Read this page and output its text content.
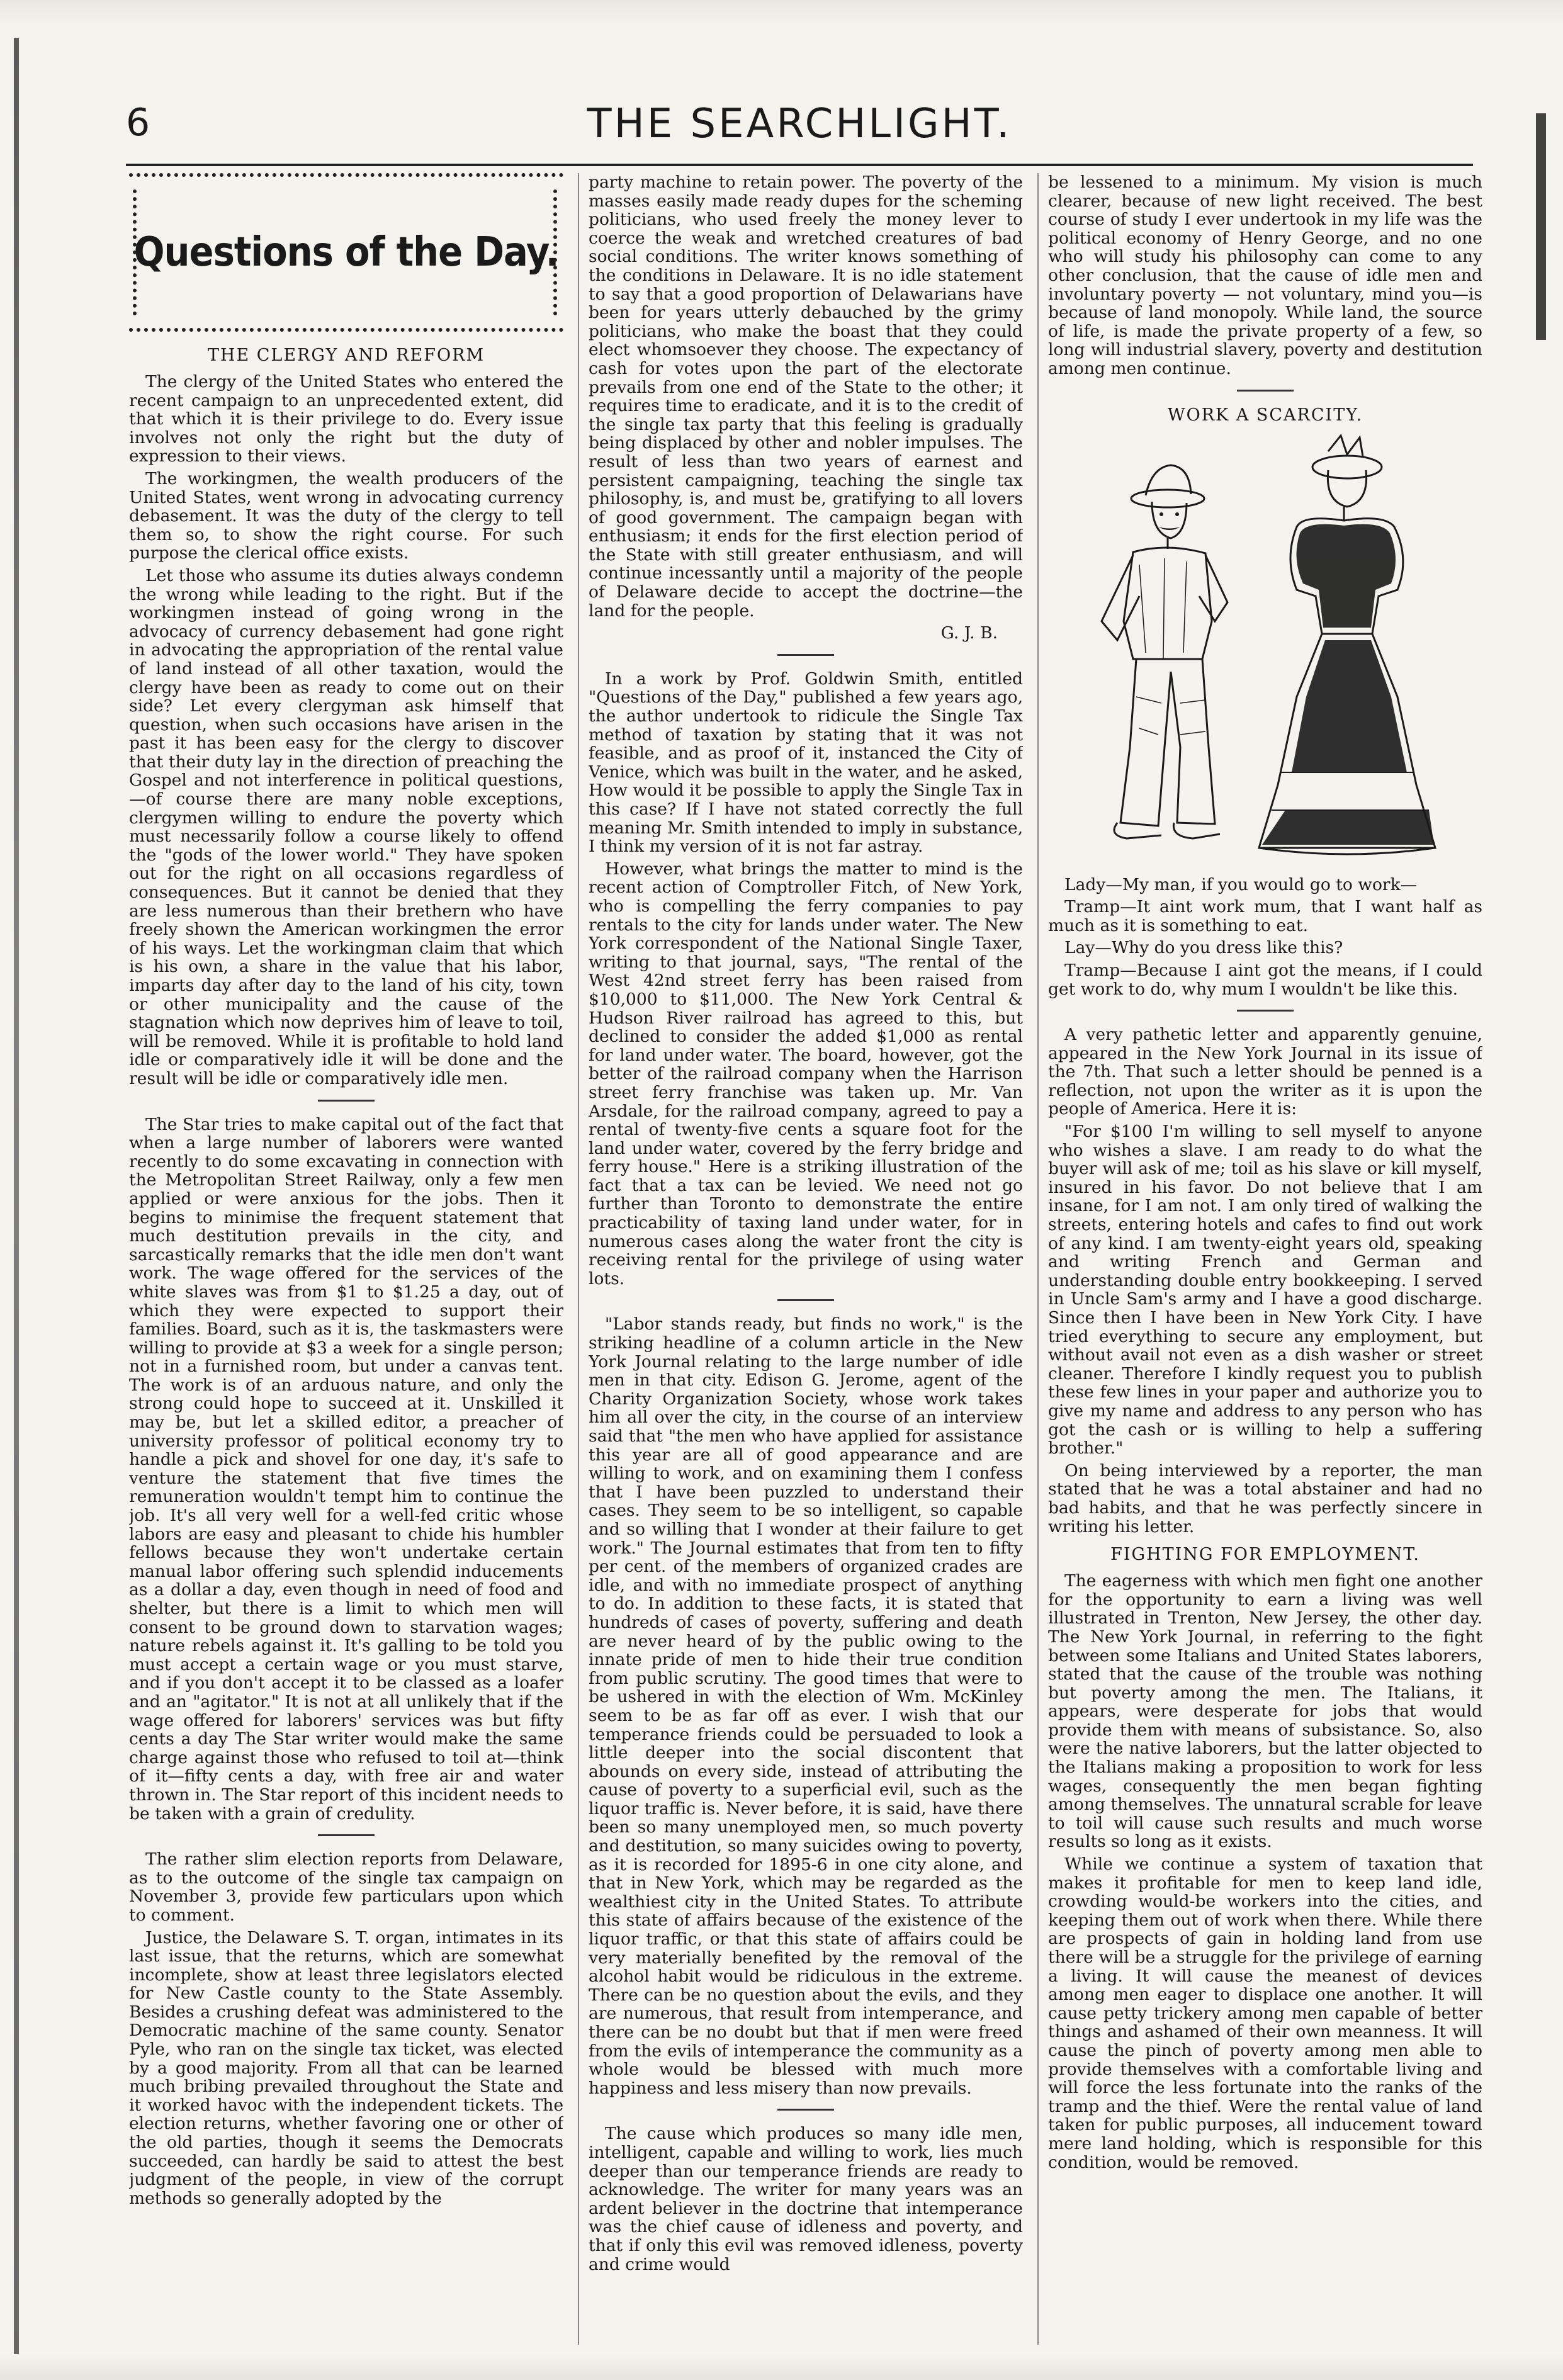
6	THE SEARCHLIGHT.
Questions of the Day.
THE CLERGY AND REFORM

The clergy of the United States who entered the recent campaign to an unprecedented extent, did that which it is their privilege to do. Every issue involves not only the right but the duty of expression to their views.

The workingmen, the wealth producers of the United States, went wrong in advocating currency debasement. It was the duty of the clergy to tell them so, to show the right course. For such purpose the clerical office exists.

Let those who assume its duties always condemn the wrong while leading to the right. But if the workingmen instead of going wrong in the advocacy of currency debasement had gone right in advocating the appropriation of the rental value of land instead of all other taxation, would the clergy have been as ready to come out on their side? Let every clergyman ask himself that question, when such occasions have arisen in the past it has been easy for the clergy to discover that their duty lay in the direction of preaching the Gospel and not interference in political questions,—of course there are many noble exceptions, clergymen willing to endure the poverty which must necessarily follow a course likely to offend the "gods of the lower world." They have spoken out for the right on all occasions regardless of consequences. But it cannot be denied that they are less numerous than their brethern who have freely shown the American workingmen the error of his ways. Let the workingman claim that which is his own, a share in the value that his labor, imparts day after day to the land of his city, town or other municipality and the cause of the stagnation which now deprives him of leave to toil, will be removed. While it is profitable to hold land idle or comparatively idle it will be done and the result will be idle or comparatively idle men.

The Star tries to make capital out of the fact that when a large number of laborers were wanted recently to do some excavating in connection with the Metropolitan Street Railway, only a few men applied or were anxious for the jobs. Then it begins to minimise the frequent statement that much destitution prevails in the city, and sarcastically remarks that the idle men don't want work. The wage offered for the services of the white slaves was from $1 to $1.25 a day, out of which they were expected to support their families. Board, such as it is, the taskmasters were willing to provide at $3 a week for a single person; not in a furnished room, but under a canvas tent. The work is of an arduous nature, and only the strong could hope to succeed at it. Unskilled it may be, but let a skilled editor, a preacher of university professor of political economy try to handle a pick and shovel for one day, it's safe to venture the statement that five times the remuneration wouldn't tempt him to continue the job. It's all very well for a well-fed critic whose labors are easy and pleasant to chide his humbler fellows because they won't undertake certain manual labor offering such splendid inducements as a dollar a day, even though in need of food and shelter, but there is a limit to which men will consent to be ground down to starvation wages; nature rebels against it. It's galling to be told you must accept a certain wage or you must starve, and if you don't accept it to be classed as a loafer and an "agitator." It is not at all unlikely that if the wage offered for laborers' services was but fifty cents a day The Star writer would make the same charge against those who refused to toil at—think of it—fifty cents a day, with free air and water thrown in. The Star report of this incident needs to be taken with a grain of credulity.

The rather slim election reports from Delaware, as to the outcome of the single tax campaign on November 3, provide few particulars upon which to comment.

Justice, the Delaware S. T. organ, intimates in its last issue, that the returns, which are somewhat incomplete, show at least three legislators elected for New Castle county to the State Assembly. Besides a crushing defeat was administered to the Democratic machine of the same county. Senator Pyle, who ran on the single tax ticket, was elected by a good majority. From all that can be learned much bribing prevailed throughout the State and it worked havoc with the independent tickets. The election returns, whether favoring one or other of the old parties, though it seems the Democrats succeeded, can hardly be said to attest the best judgment of the people, in view of the corrupt methods so generally adopted by the

party machine to retain power. The poverty of the masses easily made ready dupes for the scheming politicians, who used freely the money lever to coerce the weak and wretched creatures of bad social conditions. The writer knows something of the conditions in Delaware. It is no idle statement to say that a good proportion of Delawarians have been for years utterly debauched by the grimy politicians, who make the boast that they could elect whomsoever they choose. The expectancy of cash for votes upon the part of the electorate prevails from one end of the State to the other; it requires time to eradicate, and it is to the credit of the single tax party that this feeling is gradually being displaced by other and nobler impulses. The result of less than two years of earnest and persistent campaigning, teaching the single tax philosophy, is, and must be, gratifying to all lovers of good government. The campaign began with enthusiasm; it ends for the first election period of the State with still greater enthusiasm, and will continue incessantly until a majority of the people of Delaware decide to accept the doctrine—the land for the people.

G. J. B.

In a work by Prof. Goldwin Smith, entitled "Questions of the Day," published a few years ago, the author undertook to ridicule the Single Tax method of taxation by stating that it was not feasible, and as proof of it, instanced the City of Venice, which was built in the water, and he asked, How would it be possible to apply the Single Tax in this case? If I have not stated correctly the full meaning Mr. Smith intended to imply in substance, I think my version of it is not far astray.

However, what brings the matter to mind is the recent action of Comptroller Fitch, of New York, who is compelling the ferry companies to pay rentals to the city for lands under water. The New York correspondent of the National Single Taxer, writing to that journal, says, "The rental of the West 42nd street ferry has been raised from $10,000 to $11,000. The New York Central & Hudson River railroad has agreed to this, but declined to consider the added $1,000 as rental for land under water. The board, however, got the better of the railroad company when the Harrison street ferry franchise was taken up. Mr. Van Arsdale, for the railroad company, agreed to pay a rental of twenty-five cents a square foot for the land under water, covered by the ferry bridge and ferry house." Here is a striking illustration of the fact that a tax can be levied. We need not go further than Toronto to demonstrate the entire practicability of taxing land under water, for in numerous cases along the water front the city is receiving rental for the privilege of using water lots.

"Labor stands ready, but finds no work," is the striking headline of a column article in the New York Journal relating to the large number of idle men in that city. Edison G. Jerome, agent of the Charity Organization Society, whose work takes him all over the city, in the course of an interview said that "the men who have applied for assistance this year are all of good appearance and are willing to work, and on examining them I confess that I have been puzzled to understand their cases. They seem to be so intelligent, so capable and so willing that I wonder at their failure to get work." The Journal estimates that from ten to fifty per cent. of the members of organized crades are idle, and with no immediate prospect of anything to do. In addition to these facts, it is stated that hundreds of cases of poverty, suffering and death are never heard of by the public owing to the innate pride of men to hide their true condition from public scrutiny. The good times that were to be ushered in with the election of Wm. McKinley seem to be as far off as ever. I wish that our temperance friends could be persuaded to look a little deeper into the social discontent that abounds on every side, instead of attributing the cause of poverty to a superficial evil, such as the liquor traffic is. Never before, it is said, have there been so many unemployed men, so much poverty and destitution, so many suicides owing to poverty, as it is recorded for 1895-6 in one city alone, and that in New York, which may be regarded as the wealthiest city in the United States. To attribute this state of affairs because of the existence of the liquor traffic, or that this state of affairs could be very materially benefited by the removal of the alcohol habit would be ridiculous in the extreme. There can be no question about the evils, and they are numerous, that result from intemperance, and there can be no doubt but that if men were freed from the evils of intemperance the community as a whole would be blessed with much more happiness and less misery than now prevails.

The cause which produces so many idle men, intelligent, capable and willing to work, lies much deeper than our temperance friends are ready to acknowledge. The writer for many years was an ardent believer in the doctrine that intemperance was the chief cause of idleness and poverty, and that if only this evil was removed idleness, poverty and crime would

be lessened to a minimum. My vision is much clearer, because of new light received. The best course of study I ever undertook in my life was the political economy of Henry George, and no one who will study his philosophy can come to any other conclusion, that the cause of idle men and involuntary poverty — not voluntary, mind you—is because of land monopoly. While land, the source of life, is made the private property of a few, so long will industrial slavery, poverty and destitution among men continue.

WORK A SCARCITY.

Lady—My man, if you would go to work—

Tramp—It aint work mum, that I want half as much as it is something to eat.

Lay—Why do you dress like this?

Tramp—Because I aint got the means, if I could get work to do, why mum I wouldn't be like this.

A very pathetic letter and apparently genuine, appeared in the New York Journal in its issue of the 7th. That such a letter should be penned is a reflection, not upon the writer as it is upon the people of America. Here it is:

"For $100 I'm willing to sell myself to anyone who wishes a slave. I am ready to do what the buyer will ask of me; toil as his slave or kill myself, insured in his favor. Do not believe that I am insane, for I am not. I am only tired of walking the streets, entering hotels and cafes to find out work of any kind. I am twenty-eight years old, speaking and writing French and German and understanding double entry bookkeeping. I served in Uncle Sam's army and I have a good discharge. Since then I have been in New York City. I have tried everything to secure any employment, but without avail not even as a dish washer or street cleaner. Therefore I kindly request you to publish these few lines in your paper and authorize you to give my name and address to any person who has got the cash or is willing to help a suffering brother."

On being interviewed by a reporter, the man stated that he was a total abstainer and had no bad habits, and that he was perfectly sincere in writing his letter.

FIGHTING FOR EMPLOYMENT.

The eagerness with which men fight one another for the opportunity to earn a living was well illustrated in Trenton, New Jersey, the other day. The New York Journal, in referring to the fight between some Italians and United States laborers, stated that the cause of the trouble was nothing but poverty among the men. The Italians, it appears, were desperate for jobs that would provide them with means of subsistance. So, also were the native laborers, but the latter objected to the Italians making a proposition to work for less wages, consequently the men began fighting among themselves. The unnatural scrable for leave to toil will cause such results and much worse results so long as it exists.

While we continue a system of taxation that makes it profitable for men to keep land idle, crowding would-be workers into the cities, and keeping them out of work when there. While there are prospects of gain in holding land from use there will be a struggle for the privilege of earning a living. It will cause the meanest of devices among men eager to displace one another. It will cause petty trickery among men capable of better things and ashamed of their own meanness. It will cause the pinch of poverty among men able to provide themselves with a comfortable living and will force the less fortunate into the ranks of the tramp and the thief. Were the rental value of land taken for public purposes, all inducement toward mere land holding, which is responsible for this condition, would be removed.
